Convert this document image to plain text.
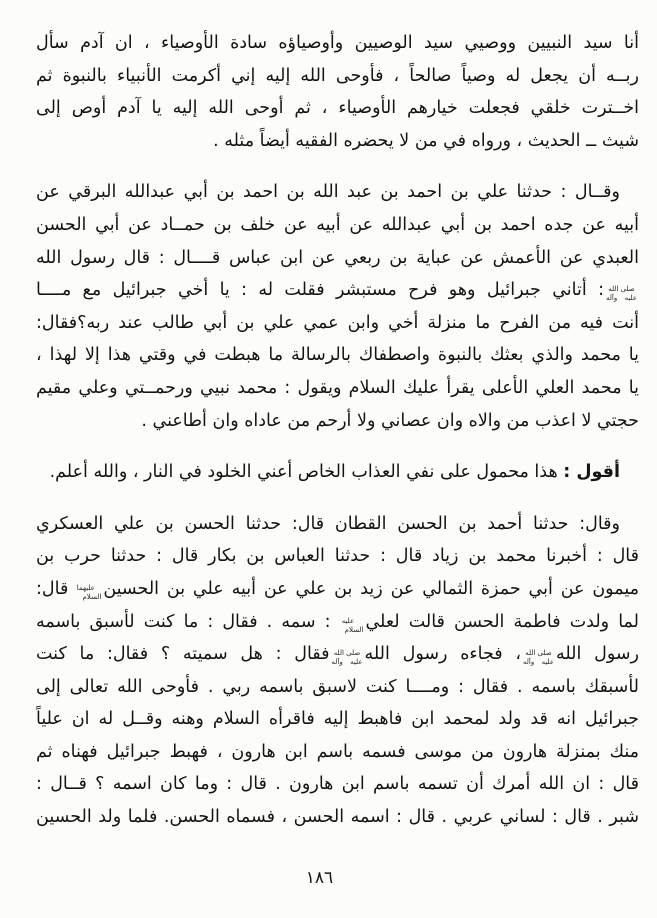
أنا سيد النبيين ووصيي سيد الوصيين وأوصياؤه سادة الأوصياء ، ان آدم سأل
ربــه أن يجعل له وصياً صالحاً ، فأوحى الله إليه إني أكرمت الأنبياء بالنبوة ثم
اخــترت خلقي فجعلت خيارهم الأوصياء ، ثم أوحى الله إليه يا آدم أوص إلى
شيث ــ الحديث ، ورواه في من لا يحضره الفقيه أيضاً مثله .
وقــال : حدثنا علي بن احمد بن عبد الله بن احمد بن أبي عبدالله البرقي عن
أبيه عن جده احمد بن أبي عبدالله عن أبيه عن خلف بن حمــاد عن أبي الحسن
العبدي عن الأعمش عن عباية بن ربعي عن ابن عباس قــــال : قال رسول الله
صلى الله عليه وآله: أتاني جبرائيل وهو فرح مستبشر فقلت له : يا أخي جبرائيل مع مــــا
أنت فيه من الفرح ما منزلة أخي وابن عمي علي بن أبي طالب عند ربه؟فقال:
يا محمد والذي بعثك بالنبوة واصطفاك بالرسالة ما هبطت في وقتي هذا إلا لهذا ،
يا محمد العلي الأعلى يقرأ عليك السلام ويقول : محمد نبيي ورحمــتي وعلي مقيم
حجتي لا اعذب من والاه وان عصاني ولا أرحم من عاداه وان أطاعني .
أقول : هذا محمول على نفي العذاب الخاص أعني الخلود في النار ، والله أعلم.
وقال: حدثنا أحمد بن الحسن القطان قال: حدثنا الحسن بن علي العسكري
قال : أخبرنا محمد بن زياد قال : حدثنا العباس بن بكار قال : حدثنا حرب بن
ميمون عن أبي حمزة الثمالي عن زيد بن علي عن أبيه علي بن الحسينعليهما السلامقال:
لما ولدت فاطمة الحسن قالت لعليعليه السلام: سمه . فقال : ما كنت لأسبق باسمه
رسول اللهصلى الله عليه وآله، فجاءه رسول اللهصلى الله عليه وآلهفقال : هل سميته ؟ فقال: ما كنت
لأسبقك باسمه . فقال : ومــــا كنت لاسبق باسمه ربي . فأوحى الله تعالى إلى
جبرائيل انه قد ولد لمحمد ابن فاهبط إليه فاقرأه السلام وهنه وقــل له ان علياً
منك بمنزلة هارون من موسى فسمه باسم ابن هارون ، فهبط جبرائيل فهناه ثم
قال : ان الله أمرك أن تسمه باسم ابن هارون . قال : وما كان اسمه ؟ قــال :
شبر . قال : لساني عربي . قال : اسمه الحسن ، فسماه الحسن. فلما ولد الحسين
١٨٦
